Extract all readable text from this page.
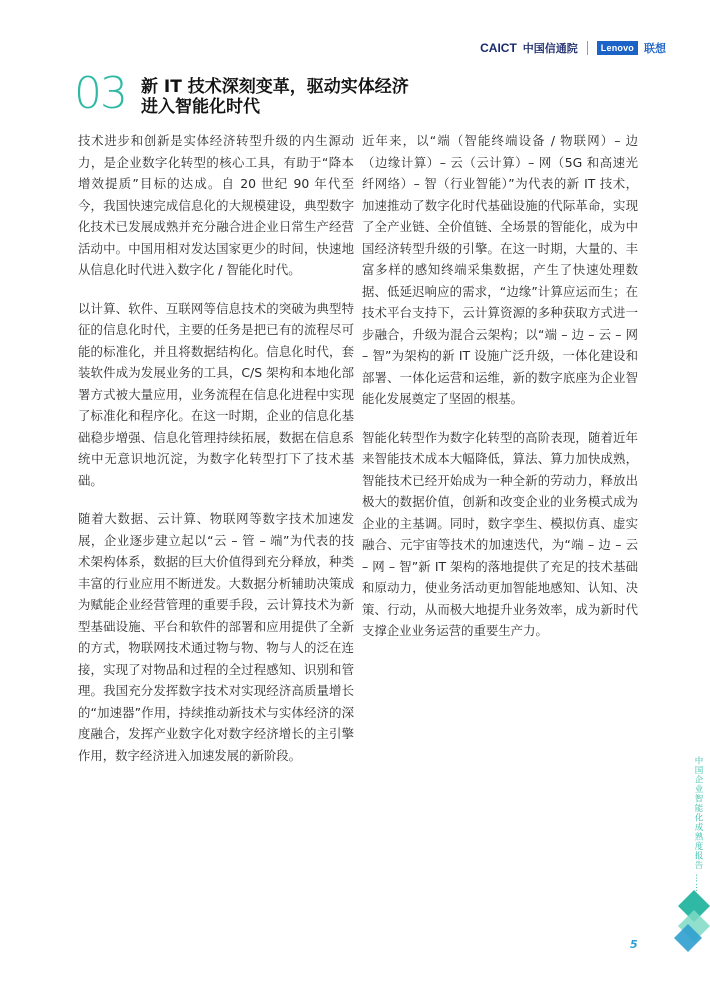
CAICT 中国信通院	Lenovo 联想
03 新 IT 技术深刻变革，驱动实体经济
进入智能化时代

技术进步和创新是实体经济转型升级的内生源动力，是企业数字化转型的核心工具，有助于“降本增效提质”目标的达成。自 20 世纪 90 年代至今，我国快速完成信息化的大规模建设，典型数字化技术已发展成熟并充分融合进企业日常生产经营活动中。中国用相对发达国家更少的时间，快速地从信息化时代进入数字化 / 智能化时代。

以计算、软件、互联网等信息技术的突破为典型特征的信息化时代，主要的任务是把已有的流程尽可能的标准化，并且将数据结构化。信息化时代，套装软件成为发展业务的工具，C/S 架构和本地化部署方式被大量应用，业务流程在信息化进程中实现了标准化和程序化。在这一时期，企业的信息化基础稳步增强、信息化管理持续拓展，数据在信息系统中无意识地沉淀，为数字化转型打下了技术基础。

随着大数据、云计算、物联网等数字技术加速发展，企业逐步建立起以“云 – 管 – 端”为代表的技术架构体系，数据的巨大价值得到充分释放，种类丰富的行业应用不断迸发。大数据分析辅助决策成为赋能企业经营管理的重要手段，云计算技术为新型基础设施、平台和软件的部署和应用提供了全新的方式，物联网技术通过物与物、物与人的泛在连接，实现了对物品和过程的全过程感知、识别和管理。我国充分发挥数字技术对实现经济高质量增长的“加速器”作用，持续推动新技术与实体经济的深度融合，发挥产业数字化对数字经济增长的主引擎作用，数字经济进入加速发展的新阶段。

近年来，以“端（智能终端设备 / 物联网）– 边（边缘计算）– 云（云计算）– 网（5G 和高速光纤网络）– 智（行业智能）”为代表的新 IT 技术，加速推动了数字化时代基础设施的代际革命，实现了全产业链、全价值链、全场景的智能化，成为中国经济转型升级的引擎。在这一时期，大量的、丰富多样的感知终端采集数据，产生了快速处理数据、低延迟响应的需求，“边缘”计算应运而生；在技术平台支持下，云计算资源的多种获取方式进一步融合，升级为混合云架构；以“端 – 边 – 云 – 网 – 智”为架构的新 IT 设施广泛升级，一体化建设和部署、一体化运营和运维，新的数字底座为企业智能化发展奠定了坚固的根基。

智能化转型作为数字化转型的高阶表现，随着近年来智能技术成本大幅降低，算法、算力加快成熟，智能技术已经开始成为一种全新的劳动力，释放出极大的数据价值，创新和改变企业的业务模式成为企业的主基调。同时，数字孪生、模拟仿真、虚实融合、元宇宙等技术的加速迭代，为“端 – 边 – 云 – 网 – 智”新 IT 架构的落地提供了充足的技术基础和原动力，使业务活动更加智能地感知、认知、决策、行动，从而极大地提升业务效率，成为新时代支撑企业业务运营的重要生产力。

中国企业智能化成熟度报告 ……
5
